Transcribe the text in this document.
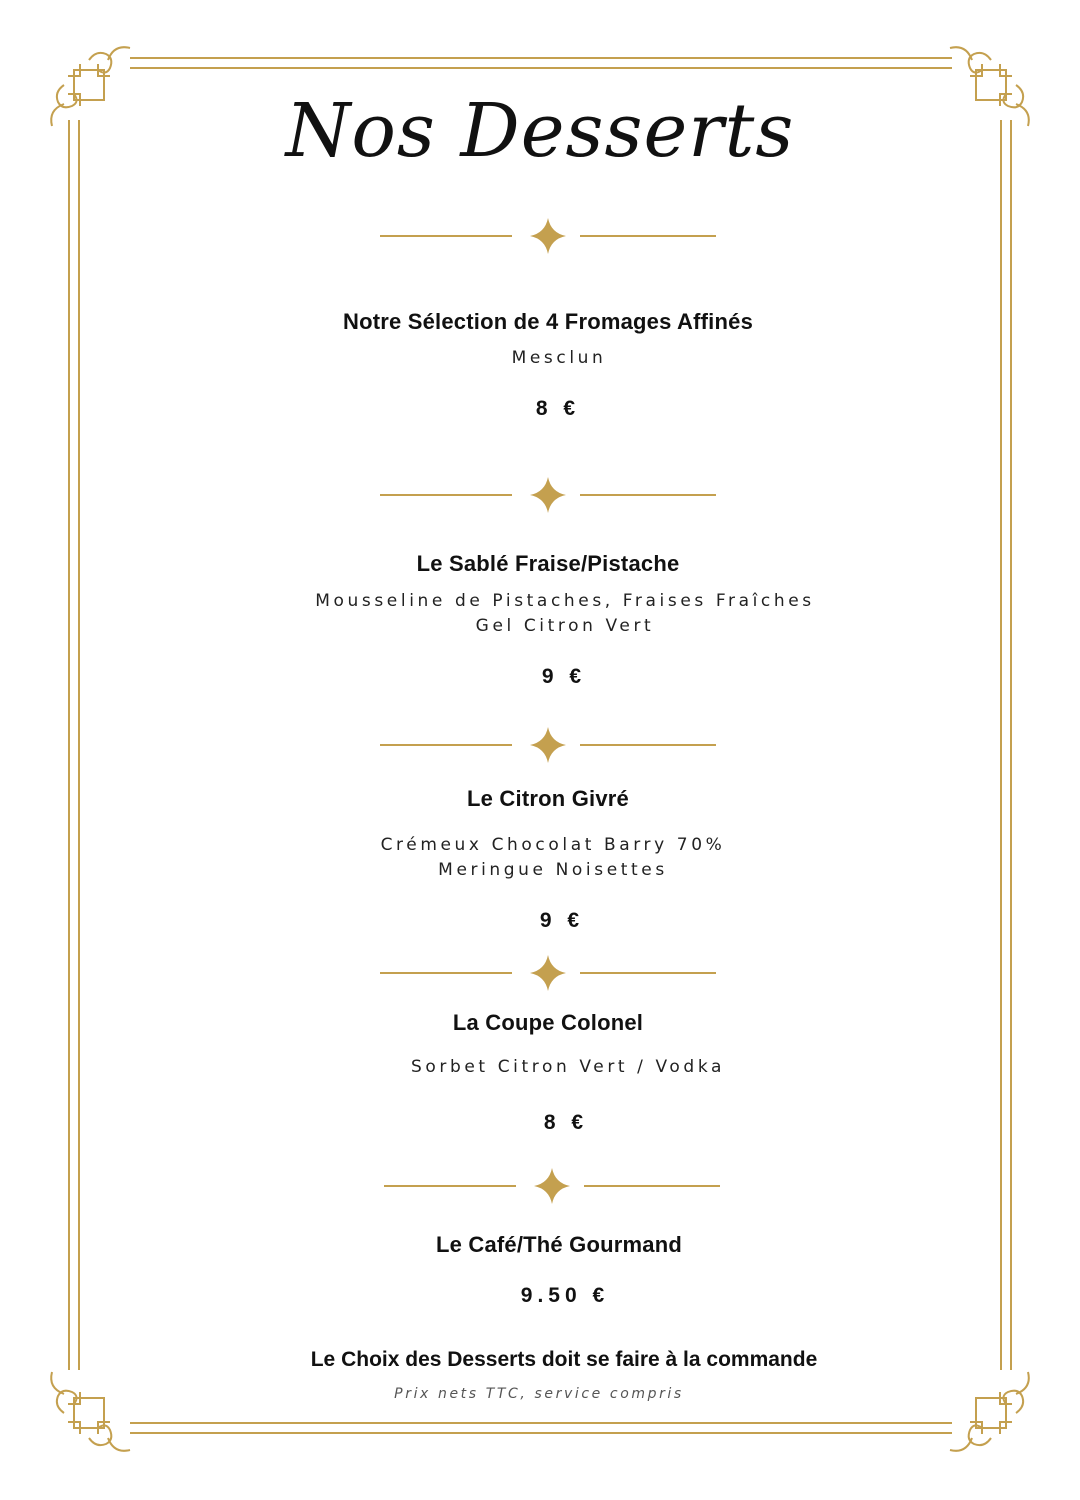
Nos Desserts
Notre Sélection de 4 Fromages Affinés
Mesclun
8 €
Le Sablé Fraise/Pistache
Mousseline de Pistaches, Fraises Fraîches
Gel Citron Vert
9 €
Le Citron Givré
Crémeux Chocolat Barry 70%
Meringue Noisettes
9 €
La Coupe Colonel
Sorbet Citron Vert / Vodka
8 €
Le Café/Thé Gourmand
9.50 €
Le Choix des Desserts doit se faire à la commande
Prix nets TTC, service compris
